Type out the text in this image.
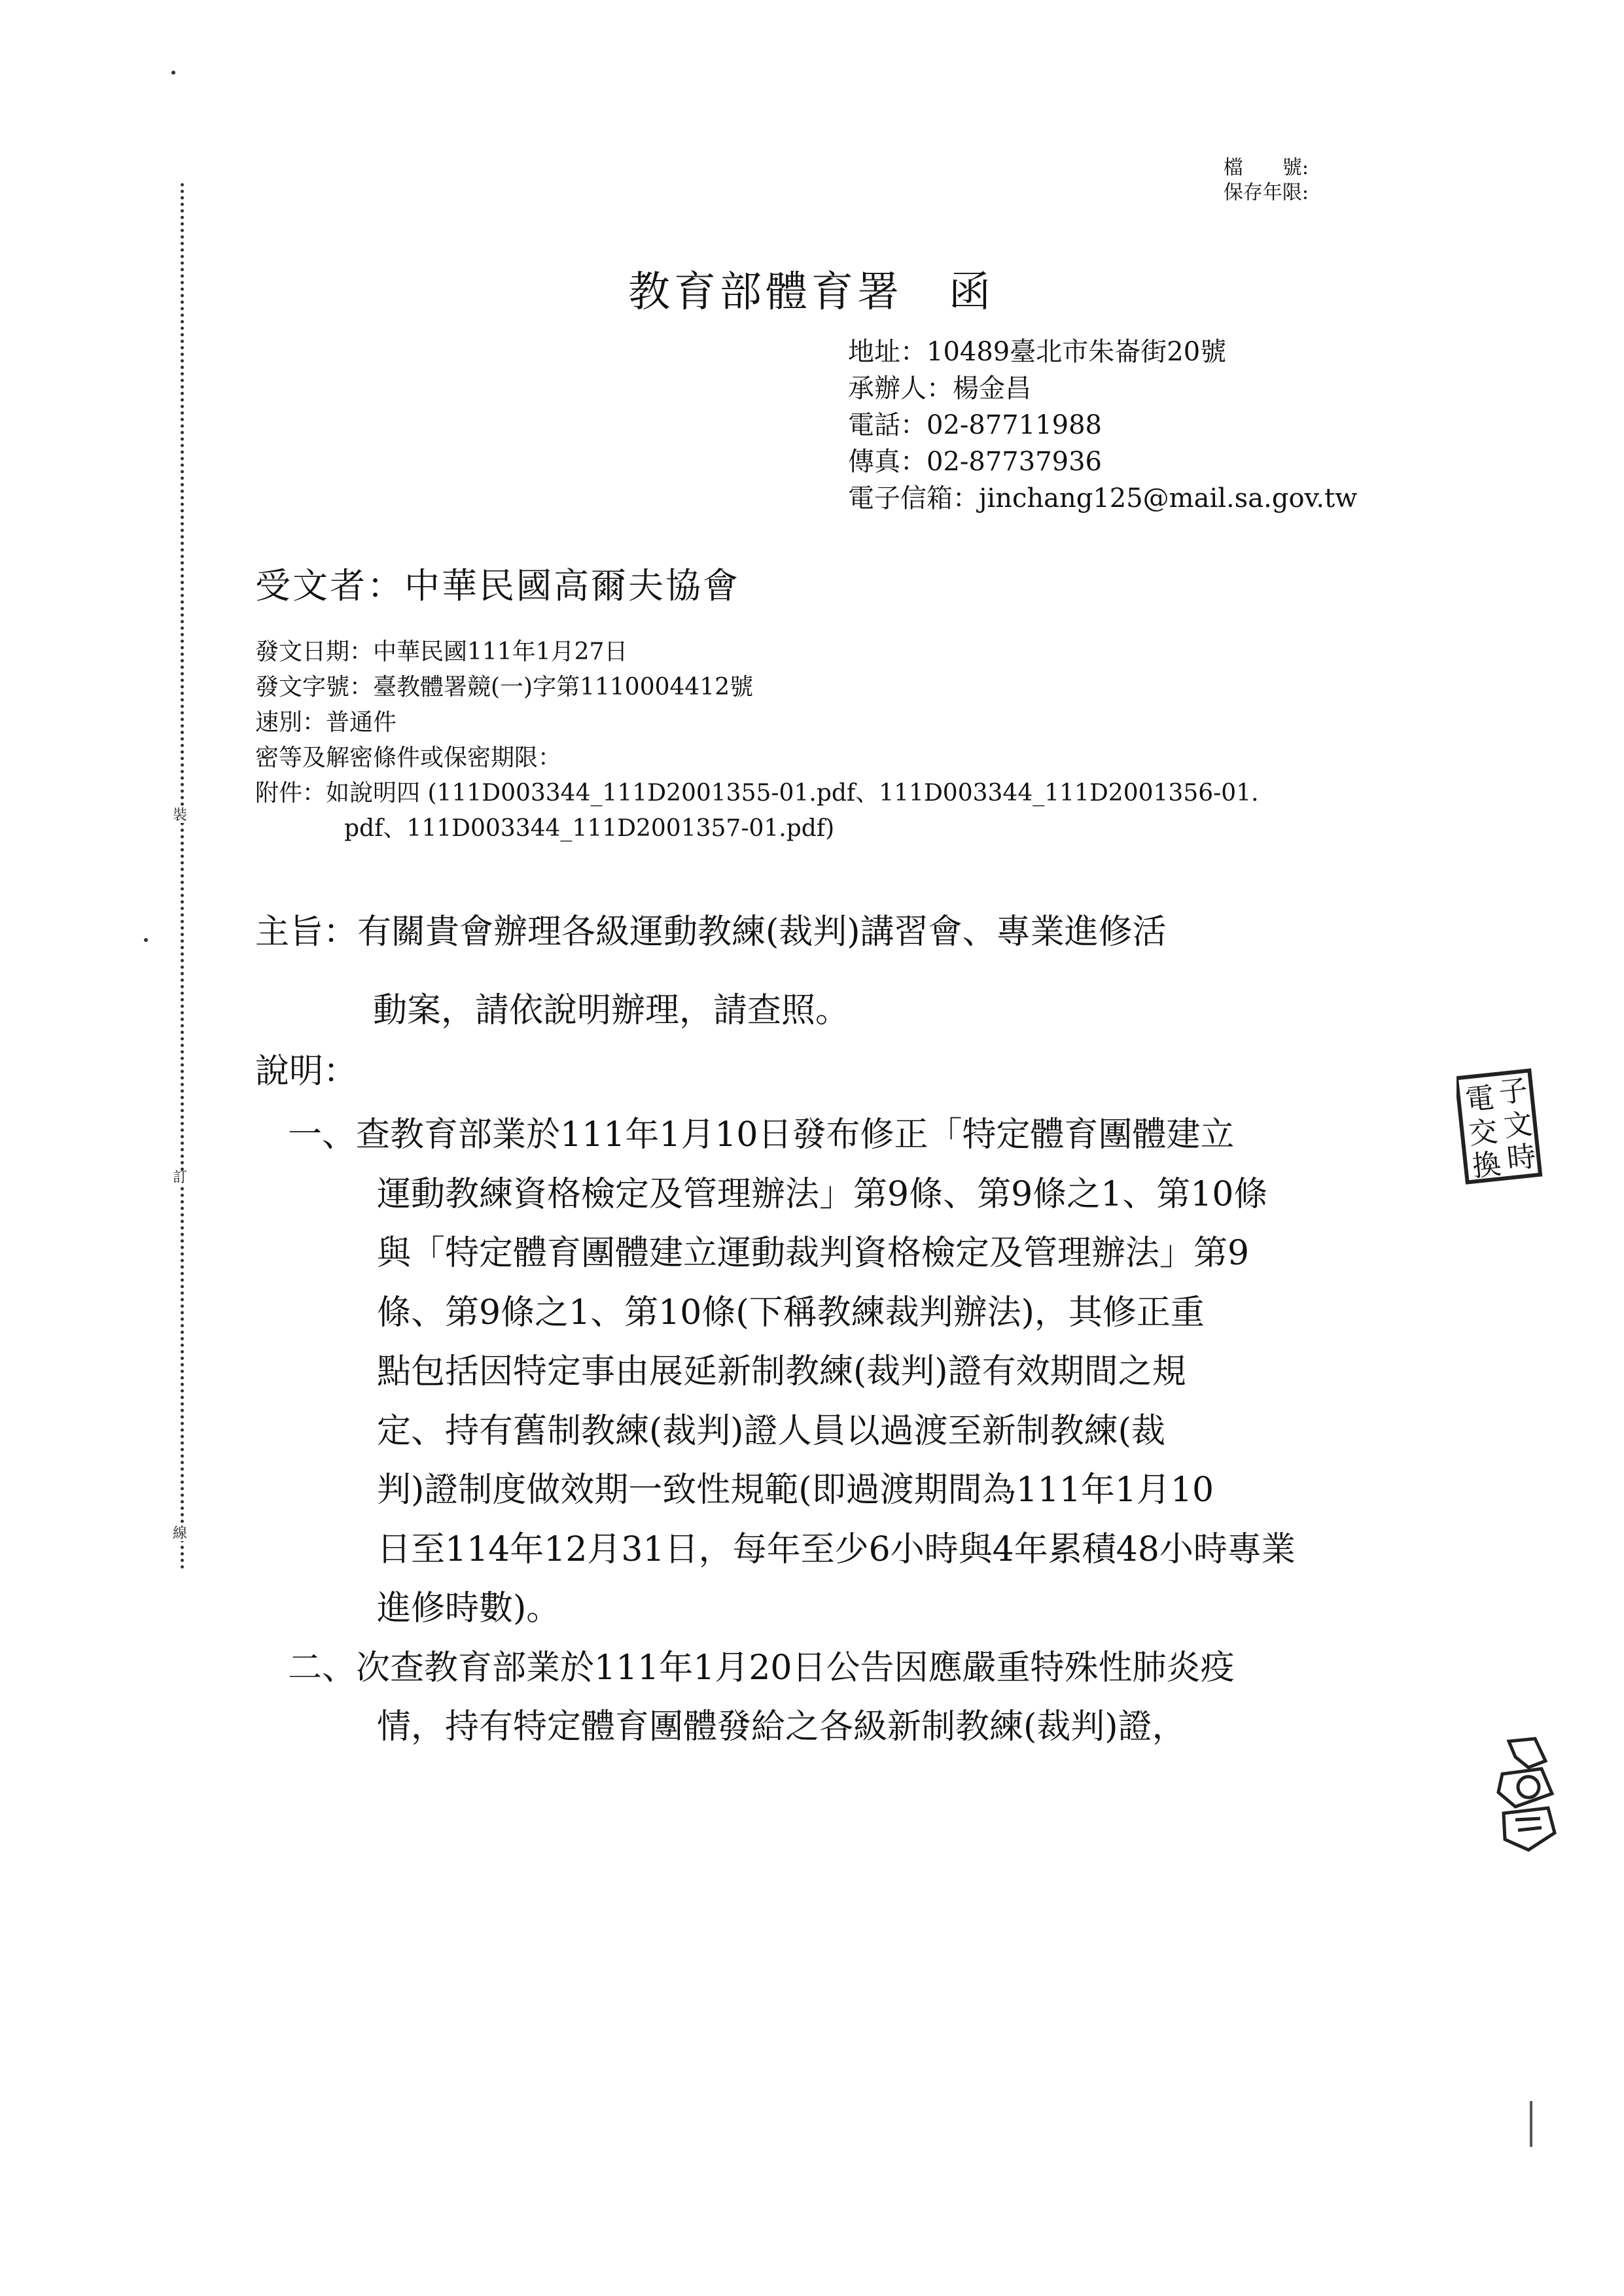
裝
訂
線
檔　　號:
保存年限:
教育部體育署　函
地址：10489臺北市朱崙街20號
承辦人：楊金昌
電話：02-87711988
傳真：02-87737936
電子信箱：jinchang125@mail.sa.gov.tw
受文者：中華民國高爾夫協會
發文日期：中華民國111年1月27日
發文字號：臺教體署競(一)字第1110004412號
速別：普通件
密等及解密條件或保密期限：
附件：如說明四 (111D003344_111D2001355-01.pdf、111D003344_111D2001356-01.
pdf、111D003344_111D2001357-01.pdf)
主旨：有關貴會辦理各級運動教練(裁判)講習會、專業進修活
動案，請依說明辦理，請查照。
說明：
一、查教育部業於111年1月10日發布修正「特定體育團體建立
運動教練資格檢定及管理辦法」第9條、第9條之1、第10條
與「特定體育團體建立運動裁判資格檢定及管理辦法」第9
條、第9條之1、第10條(下稱教練裁判辦法)，其修正重
點包括因特定事由展延新制教練(裁判)證有效期間之規
定、持有舊制教練(裁判)證人員以過渡至新制教練(裁
判)證制度做效期一致性規範(即過渡期間為111年1月10
日至114年12月31日，每年至少6小時與4年累積48小時專業
進修時數)。
二、次查教育部業於111年1月20日公告因應嚴重特殊性肺炎疫
情，持有特定體育團體發給之各級新制教練(裁判)證，
電 子
交 文
換 時
